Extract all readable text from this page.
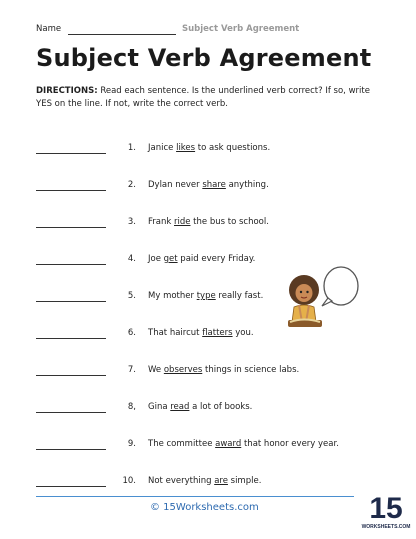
Name	Subject Verb Agreement
Subject Verb Agreement
DIRECTIONS: Read each sentence. Is the underlined verb correct? If so, write YES on the line. If not, write the correct verb.
1. Janice likes to ask questions.
2. Dylan never share anything.
3. Frank ride the bus to school.
4. Joe get paid every Friday.
5. My mother type really fast.
6. That haircut flatters you.
7. We observes things in science labs.
8, Gina read a lot of books.
9. The committee award that honor every year.
10. Not everything are simple.
© 15Worksheets.com	15
WORKSHEETS.COM
